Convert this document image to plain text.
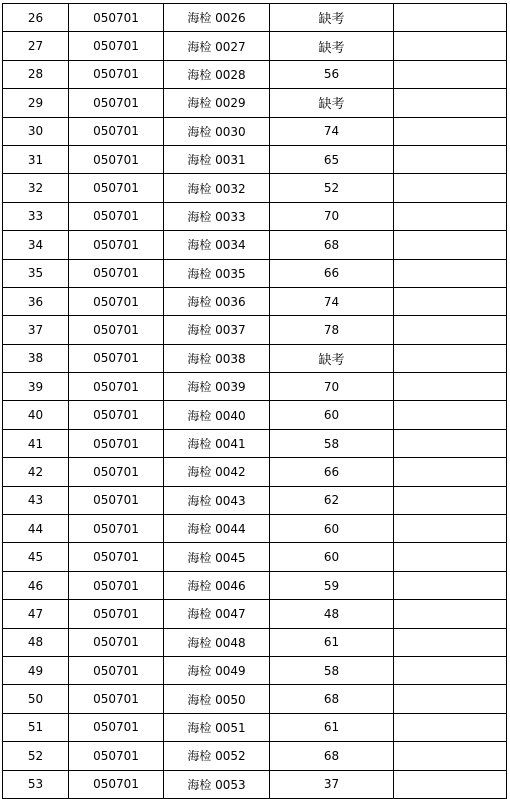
26	050701	海检 0026	缺考	
27	050701	海检 0027	缺考	
28	050701	海检 0028	56	
29	050701	海检 0029	缺考	
30	050701	海检 0030	74	
31	050701	海检 0031	65	
32	050701	海检 0032	52	
33	050701	海检 0033	70	
34	050701	海检 0034	68	
35	050701	海检 0035	66	
36	050701	海检 0036	74	
37	050701	海检 0037	78	
38	050701	海检 0038	缺考	
39	050701	海检 0039	70	
40	050701	海检 0040	60	
41	050701	海检 0041	58	
42	050701	海检 0042	66	
43	050701	海检 0043	62	
44	050701	海检 0044	60	
45	050701	海检 0045	60	
46	050701	海检 0046	59	
47	050701	海检 0047	48	
48	050701	海检 0048	61	
49	050701	海检 0049	58	
50	050701	海检 0050	68	
51	050701	海检 0051	61	
52	050701	海检 0052	68	
53	050701	海检 0053	37	
